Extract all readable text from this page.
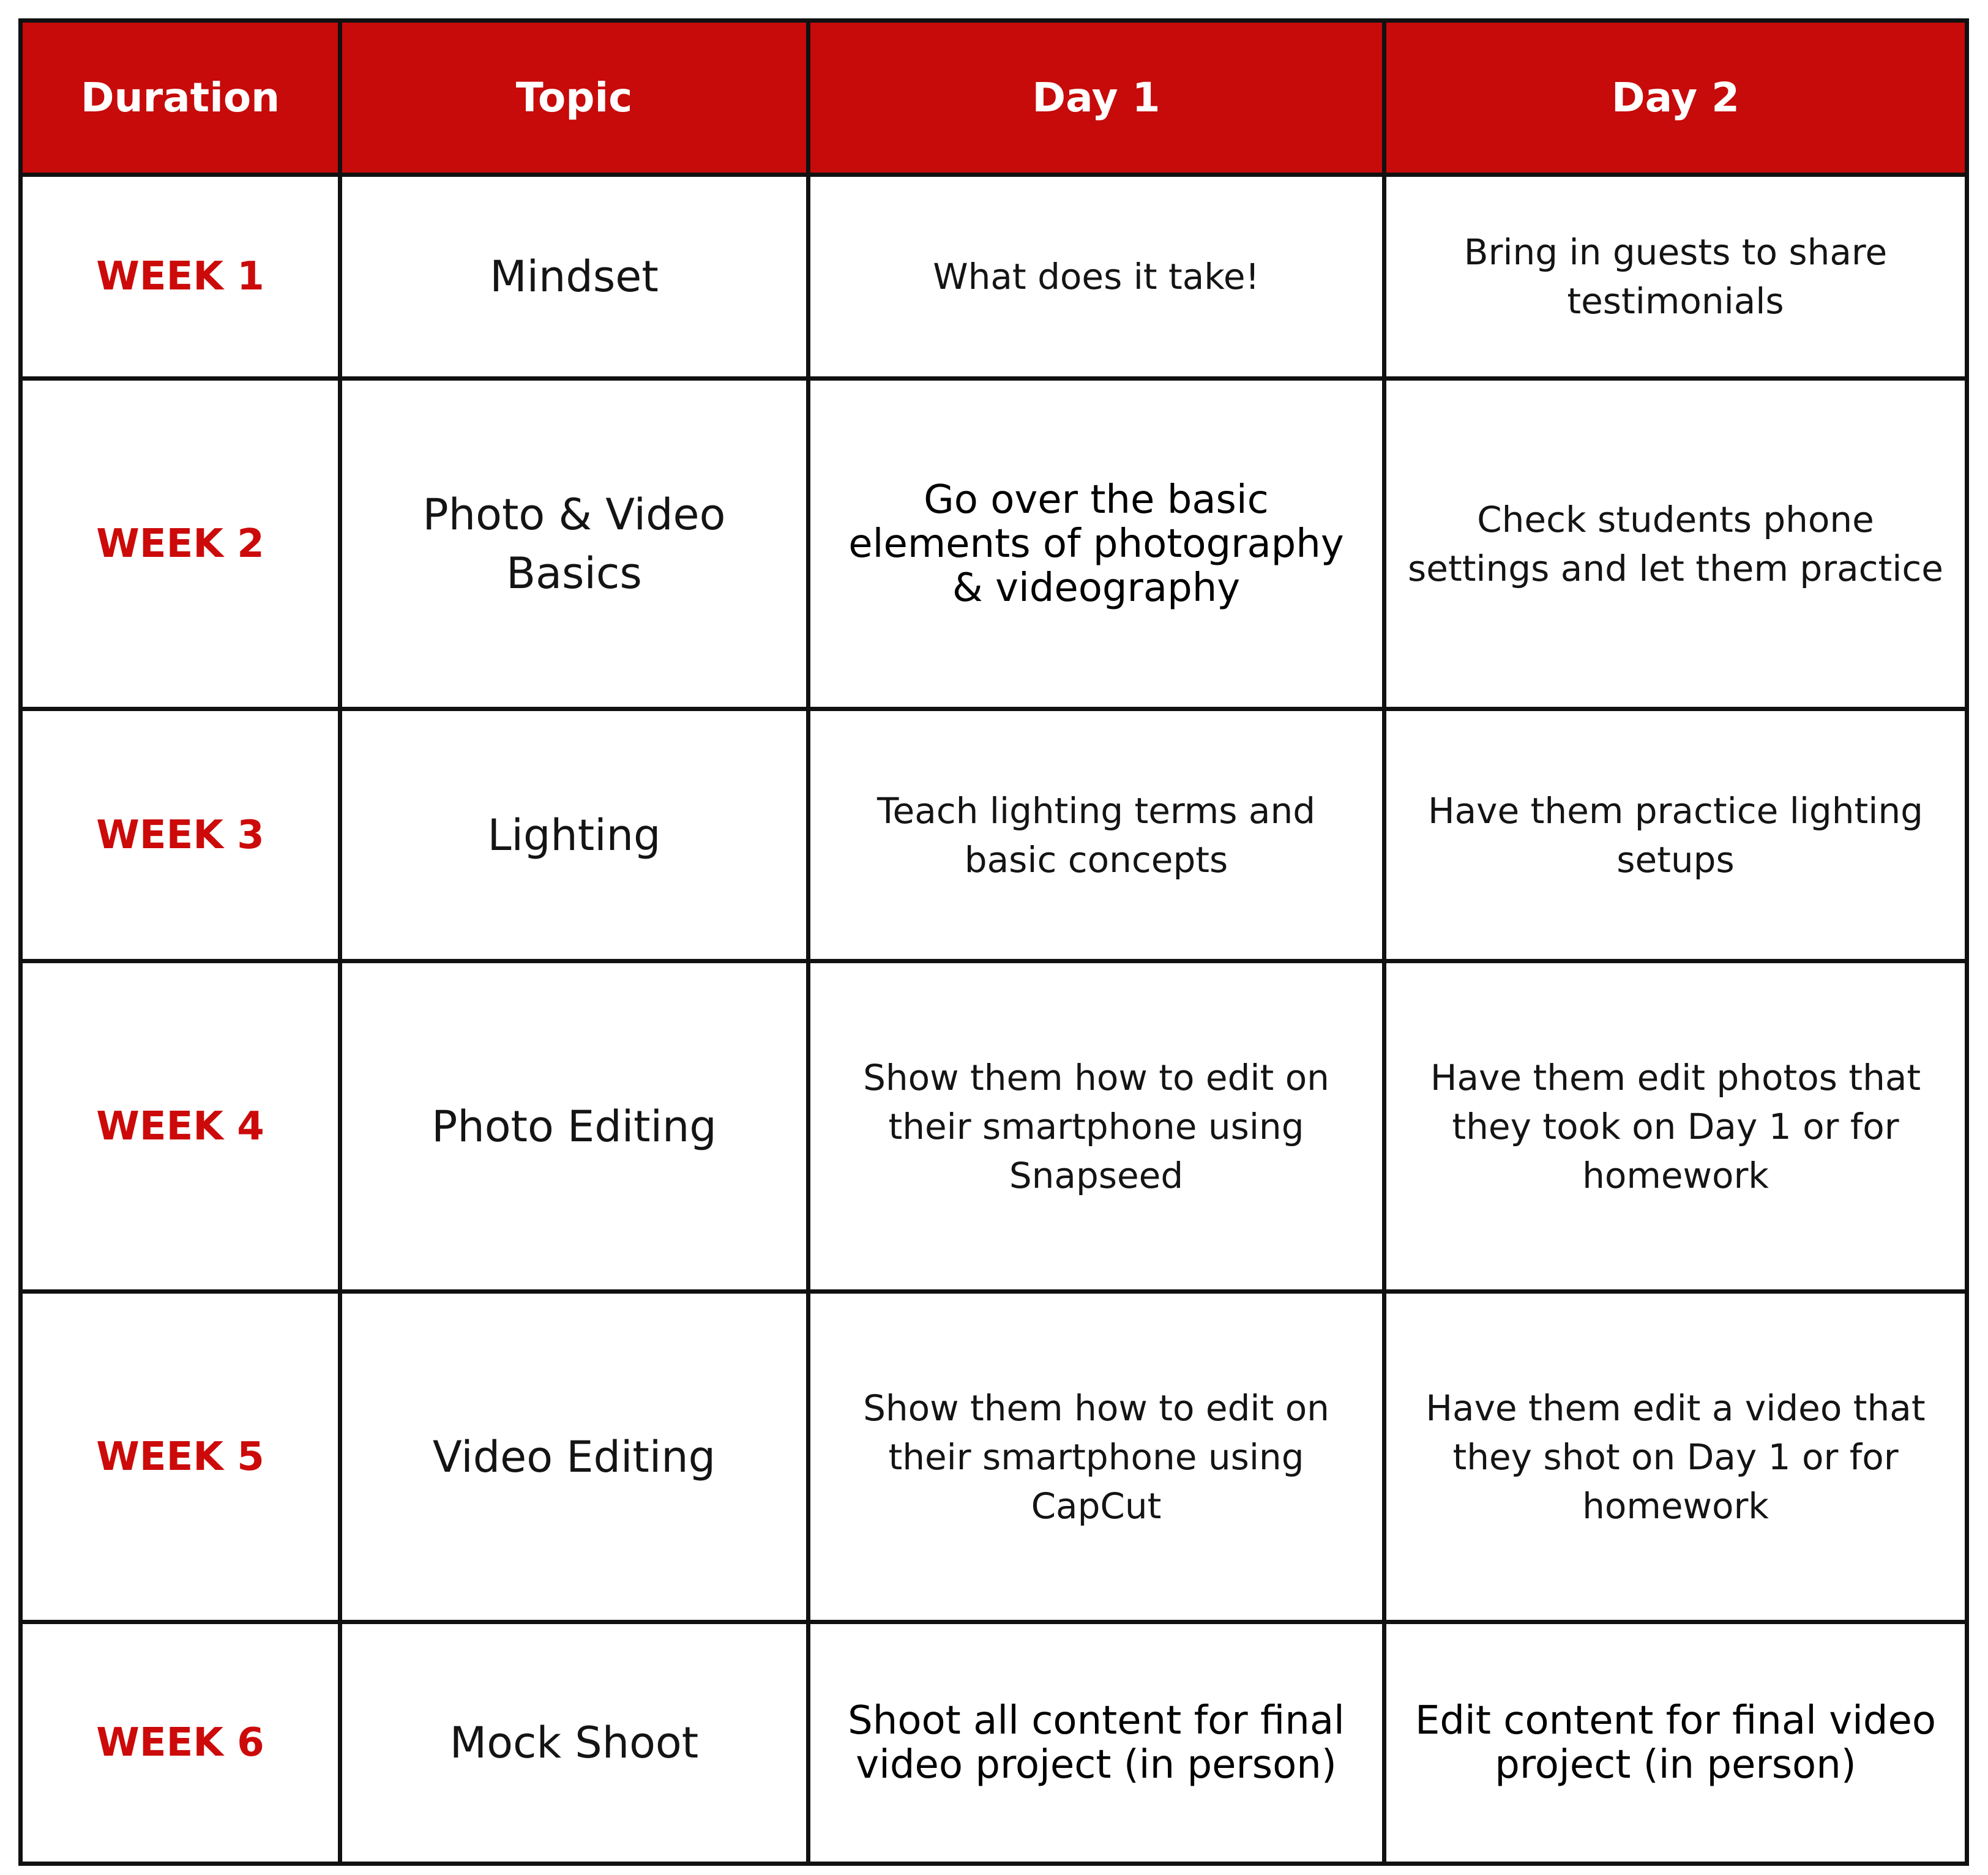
Duration	Topic	Day 1	Day 2
WEEK 1	Mindset	What does it take!	Bring in guests to share testimonials
WEEK 2	Photo & Video Basics	Go over the basic elements of photography & videography	Check students phone settings and let them practice
WEEK 3	Lighting	Teach lighting terms and basic concepts	Have them practice lighting setups
WEEK 4	Photo Editing	Show them how to edit on their smartphone using Snapseed	Have them edit photos that they took on Day 1 or for homework
WEEK 5	Video Editing	Show them how to edit on their smartphone using CapCut	Have them edit a video that they shot on Day 1 or for homework
WEEK 6	Mock Shoot	Shoot all content for final video project (in person)	Edit content for final video project (in person)
